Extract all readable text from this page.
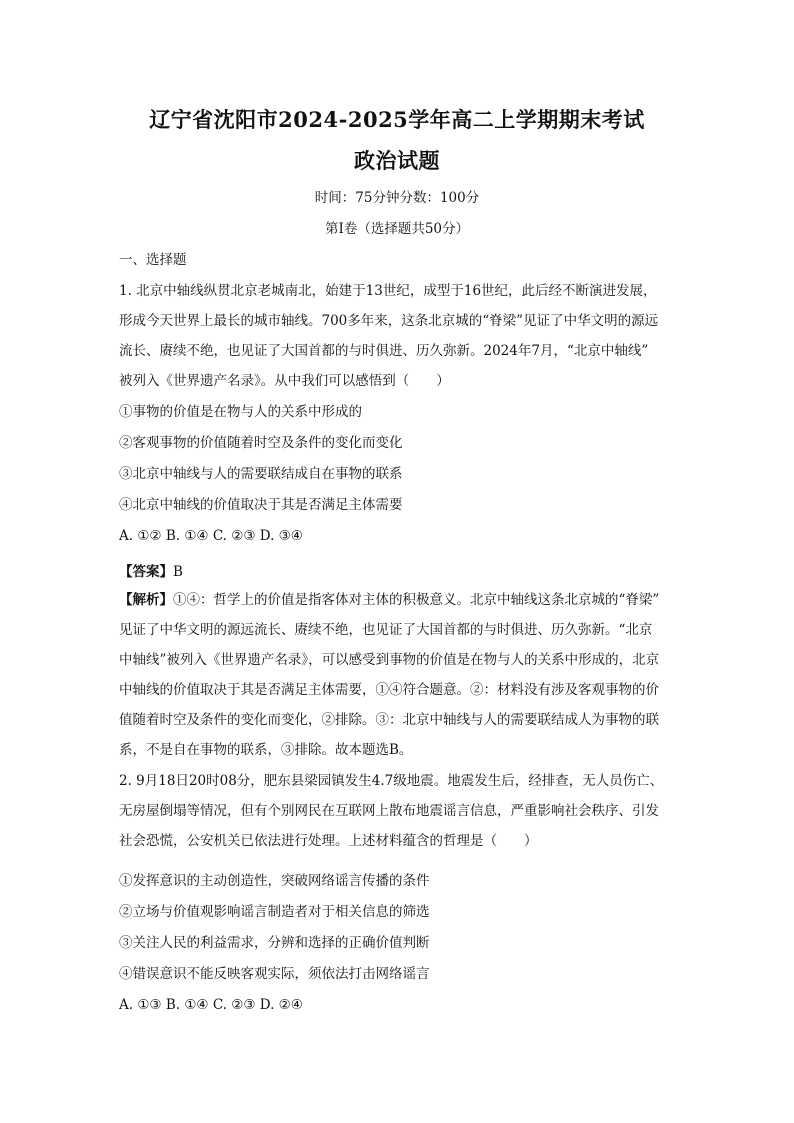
辽宁省沈阳市2024-2025学年高二上学期期末考试
政治试题
时间：75分钟分数：100分
第Ⅰ卷（选择题共50分）
一、选择题
1. 北京中轴线纵贯北京老城南北，始建于13世纪，成型于16世纪，此后经不断演进发展，
形成今天世界上最长的城市轴线。700多年来，这条北京城的“脊梁”见证了中华文明的源远
流长、赓续不绝，也见证了大国首都的与时俱进、历久弥新。2024年7月，“北京中轴线”
被列入《世界遗产名录》。从中我们可以感悟到（　　）
①事物的价值是在物与人的关系中形成的
②客观事物的价值随着时空及条件的变化而变化
③北京中轴线与人的需要联结成自在事物的联系
④北京中轴线的价值取决于其是否满足主体需要
A. ①② B. ①④ C. ②③ D. ③④
【答案】B
【解析】①④：哲学上的价值是指客体对主体的积极意义。北京中轴线这条北京城的“脊梁”
见证了中华文明的源远流长、赓续不绝，也见证了大国首都的与时俱进、历久弥新。“北京
中轴线”被列入《世界遗产名录》，可以感受到事物的价值是在物与人的关系中形成的，北京
中轴线的价值取决于其是否满足主体需要，①④符合题意。②：材料没有涉及客观事物的价
值随着时空及条件的变化而变化，②排除。③：北京中轴线与人的需要联结成人为事物的联
系，不是自在事物的联系，③排除。故本题选B。
2. 9月18日20时08分，肥东县梁园镇发生4.7级地震。地震发生后，经排查，无人员伤亡、
无房屋倒塌等情况，但有个别网民在互联网上散布地震谣言信息，严重影响社会秩序、引发
社会恐慌，公安机关已依法进行处理。上述材料蕴含的哲理是（　　）
①发挥意识的主动创造性，突破网络谣言传播的条件
②立场与价值观影响谣言制造者对于相关信息的筛选
③关注人民的利益需求，分辨和选择的正确价值判断
④错误意识不能反映客观实际，须依法打击网络谣言
A. ①③ B. ①④ C. ②③ D. ②④
